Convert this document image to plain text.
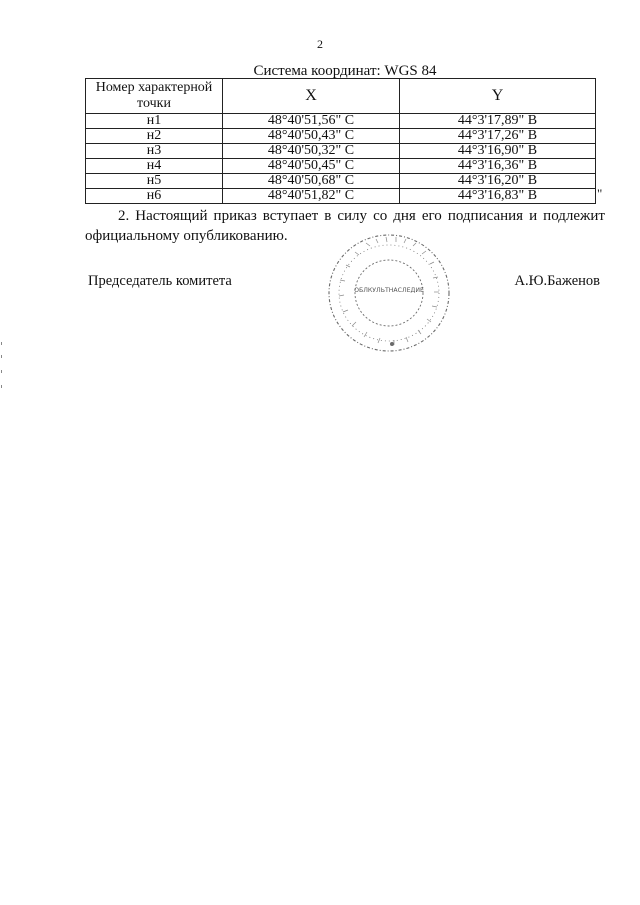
2
Система координат: WGS 84
Номер характерной точки	X	Y
н1	48°40'51,56" С	44°3'17,89" В
н2	48°40'50,43" С	44°3'17,26" В
н3	48°40'50,32" С	44°3'16,90" В
н4	48°40'50,45" С	44°3'16,36" В
н5	48°40'50,68" С	44°3'16,20" В
н6	48°40'51,82" С	44°3'16,83" В	"
2. Настоящий приказ вступает в силу со дня его подписания и подлежит официальному опубликованию.
Председатель комитета	А.Ю.Баженов
ОБЛКУЛЬТНАСЛЕДИЕ
